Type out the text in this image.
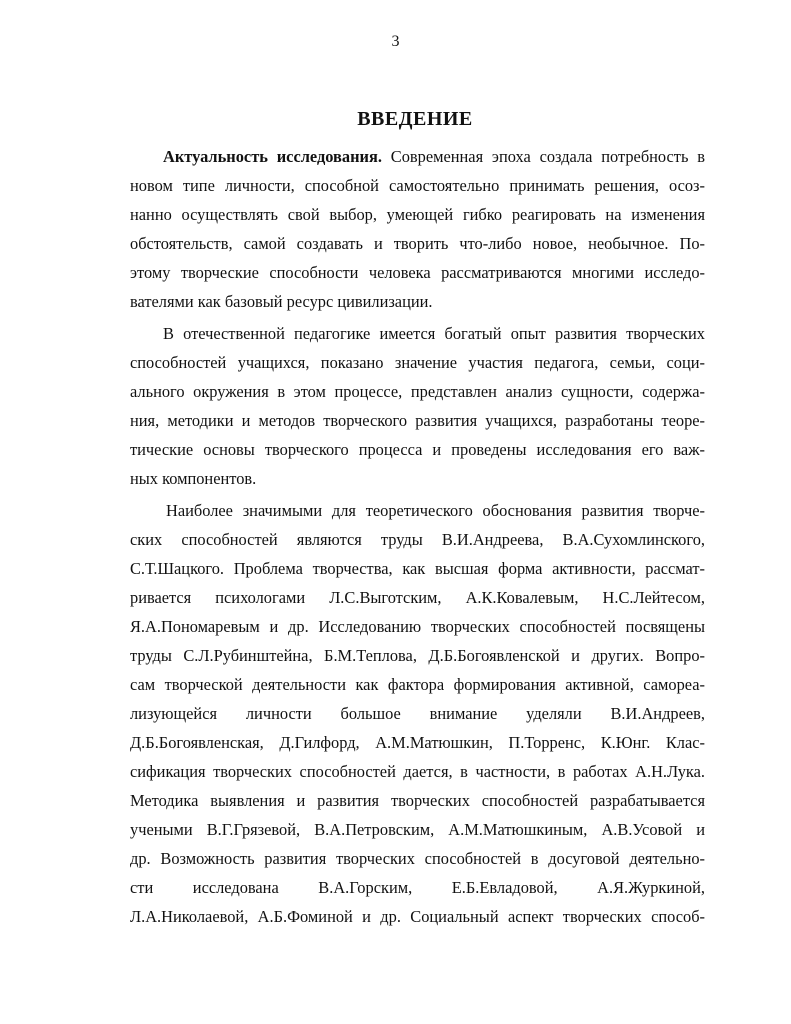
3
ВВЕДЕНИЕ
Актуальность исследования. Современная эпоха создала потребность в
новом типе личности, способной самостоятельно принимать решения, осоз-
нанно осуществлять свой выбор, умеющей гибко реагировать на изменения
обстоятельств, самой создавать и творить что-либо новое, необычное. По-
этому творческие способности человека рассматриваются многими исследо-
вателями как базовый ресурс цивилизации.
В отечественной педагогике имеется богатый опыт развития творческих
способностей учащихся, показано значение участия педагога, семьи, соци-
ального окружения в этом процессе, представлен анализ сущности, содержа-
ния, методики и методов творческого развития учащихся, разработаны теоре-
тические основы творческого процесса и проведены исследования его важ-
ных компонентов.
Наиболее значимыми для теоретического обоснования развития творче-
ских способностей являются труды В.И.Андреева, В.А.Сухомлинского,
С.Т.Шацкого. Проблема творчества, как высшая форма активности, рассмат-
ривается психологами Л.С.Выготским, А.К.Ковалевым, Н.С.Лейтесом,
Я.А.Пономаревым и др. Исследованию творческих способностей посвящены
труды С.Л.Рубинштейна, Б.М.Теплова, Д.Б.Богоявленской и других. Вопро-
сам творческой деятельности как фактора формирования активной, самореа-
лизующейся личности большое внимание уделяли В.И.Андреев,
Д.Б.Богоявленская, Д.Гилфорд, А.М.Матюшкин, П.Торренс, К.Юнг. Клас-
сификация творческих способностей дается, в частности, в работах А.Н.Лука.
Методика выявления и развития творческих способностей разрабатывается
учеными В.Г.Грязевой, В.А.Петровским, А.М.Матюшкиным, А.В.Усовой и
др. Возможность развития творческих способностей в досуговой деятельно-
сти исследована В.А.Горским, Е.Б.Евладовой, А.Я.Журкиной,
Л.А.Николаевой, А.Б.Фоминой и др. Социальный аспект творческих способ-
